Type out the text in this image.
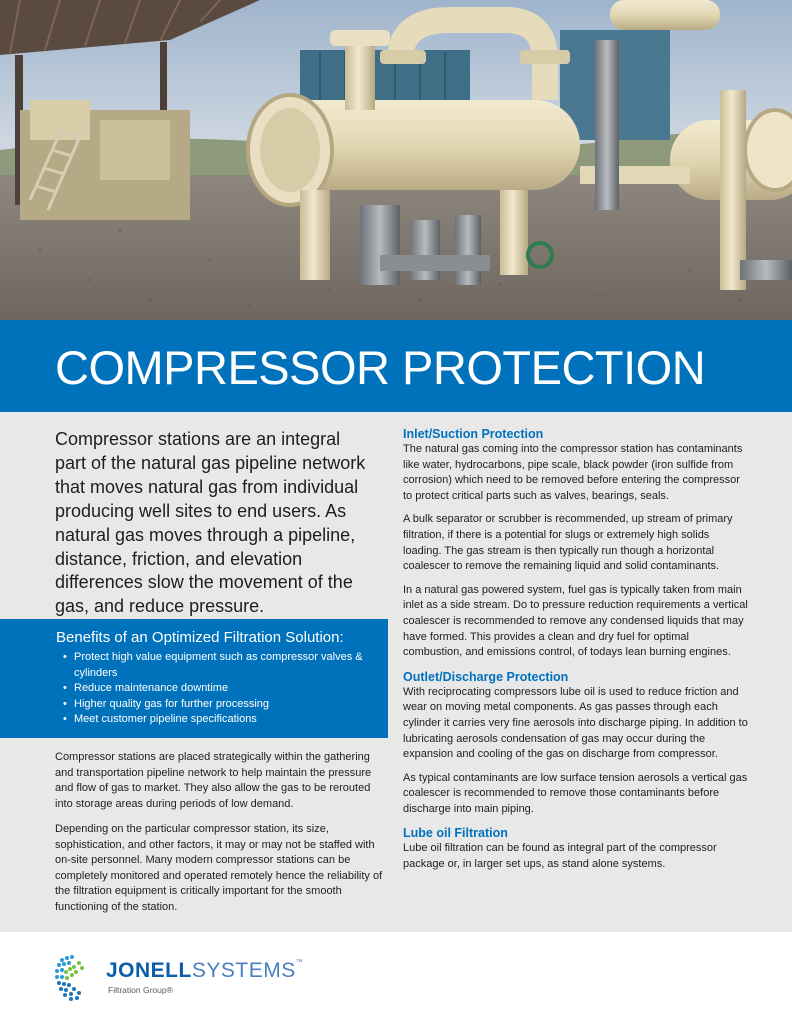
COMPRESSOR PROTECTION

Compressor stations are an integral part of the natural gas pipeline network that moves natural gas from individual producing well sites to end users. As natural gas moves through a pipeline, distance, friction, and elevation differences slow the movement of the gas, and reduce pressure.

Benefits of an Optimized Filtration Solution:
• Protect high value equipment such as compressor valves & cylinders
• Reduce maintenance downtime
• Higher quality gas for further processing
• Meet customer pipeline specifications

Compressor stations are placed strategically within the gathering and transportation pipeline network to help maintain the pressure and flow of gas to market. They also allow the gas to be rerouted into storage areas during periods of low demand.

Depending on the particular compressor station, its size, sophistication, and other factors, it may or may not be staffed with on-site personnel. Many modern compressor stations can be completely monitored and operated remotely hence the reliability of the filtration equipment is critically important for the smooth functioning of the station.

Inlet/Suction Protection

The natural gas coming into the compressor station has contaminants like water, hydrocarbons, pipe scale, black powder (iron sulfide from corrosion) which need to be removed before entering the compressor to protect critical parts such as valves, bearings, seals.

A bulk separator or scrubber is recommended, up stream of primary filtration, if there is a potential for slugs or extremely high solids loading. The gas stream is then typically run though a horizontal coalescer to remove the remaining liquid and solid contaminants.

In a natural gas powered system, fuel gas is typically taken from main inlet as a side stream. Do to pressure reduction requirements a vertical coalescer is recommended to remove any condensed liquids that may have formed. This provides a clean and dry fuel for optimal combustion, and emissions control, of todays lean burning engines.

Outlet/Discharge Protection

With reciprocating compressors lube oil is used to reduce friction and wear on moving metal components. As gas passes through each cylinder it carries very fine aerosols into discharge piping. In addition to lubricating aerosols condensation of gas may occur during the expansion and cooling of the gas on discharge from compressor.

As typical contaminants are low surface tension aerosols a vertical gas coalescer is recommended to remove those contaminants before discharge into main piping.

Lube oil Filtration

Lube oil filtration can be found as integral part of the compressor package or, in larger set ups, as stand alone systems.

JONELLSYSTEMS™
Filtration Group®
